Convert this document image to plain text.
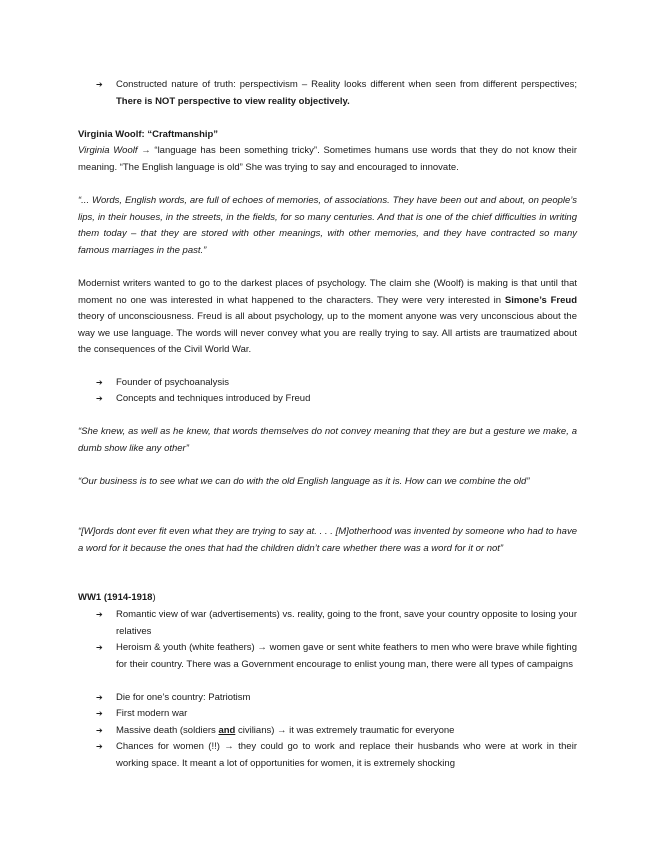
➔ Constructed nature of truth: perspectivism – Reality looks different when seen from different perspectives; There is NOT perspective to view reality objectively.

Virginia Woolf: “Craftmanship”

Virginia Woolf → “language has been something tricky”. Sometimes humans use words that they do not know their meaning. “The English language is old” She was trying to say and encouraged to innovate.

“... Words, English words, are full of echoes of memories, of associations. They have been out and about, on people’s lips, in their houses, in the streets, in the fields, for so many centuries. And that is one of the chief difficulties in writing them today – that they are stored with other meanings, with other memories, and they have contracted so many famous marriages in the past.”

Modernist writers wanted to go to the darkest places of psychology. The claim she (Woolf) is making is that until that moment no one was interested in what happened to the characters. They were very interested in Simone’s Freud theory of unconsciousness. Freud is all about psychology, up to the moment anyone was very unconscious about the way we use language. The words will never convey what you are really trying to say. All artists are traumatized about the consequences of the Civil World War.

➔ Founder of psychoanalysis
➔ Concepts and techniques introduced by Freud

“She knew, as well as he knew, that words themselves do not convey meaning that they are but a gesture we make, a dumb show like any other”

“Our business is to see what we can do with the old English language as it is. How can we combine the old”

“[W]ords dont ever fit even what they are trying to say at. . . . [M]otherhood was invented by someone who had to have a word for it because the ones that had the children didn’t care whether there was a word for it or not”

WW1 (1914-1918)

➔ Romantic view of war (advertisements) vs. reality, going to the front, save your country opposite to losing your relatives
➔ Heroism & youth (white feathers) → women gave or sent white feathers to men who were brave while fighting for their country. There was a Government encourage to enlist young man, there were all types of campaigns
➔ Die for one’s country: Patriotism
➔ First modern war
➔ Massive death (soldiers and civilians) → it was extremely traumatic for everyone
➔ Chances for women (!!) → they could go to work and replace their husbands who were at work in their working space. It meant a lot of opportunities for women, it is extremely shocking
